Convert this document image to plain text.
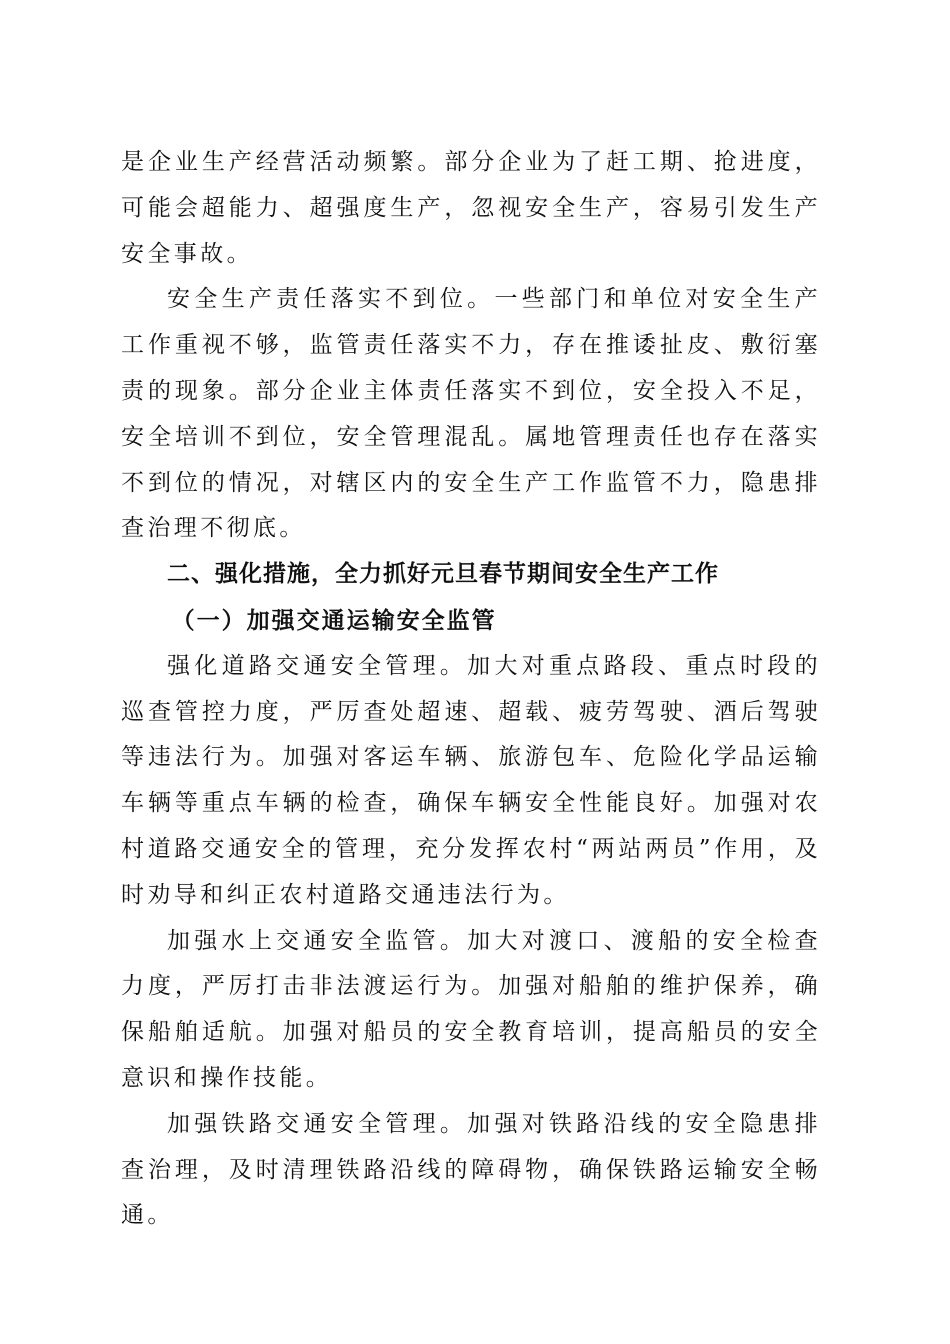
是企业生产经营活动频繁。部分企业为了赶工期、抢进度，可能会超能力、超强度生产，忽视安全生产，容易引发生产安全事故。

安全生产责任落实不到位。一些部门和单位对安全生产工作重视不够，监管责任落实不力，存在推诿扯皮、敷衍塞责的现象。部分企业主体责任落实不到位，安全投入不足，安全培训不到位，安全管理混乱。属地管理责任也存在落实不到位的情况，对辖区内的安全生产工作监管不力，隐患排查治理不彻底。

二、强化措施，全力抓好元旦春节期间安全生产工作
（一）加强交通运输安全监管

强化道路交通安全管理。加大对重点路段、重点时段的巡查管控力度，严厉查处超速、超载、疲劳驾驶、酒后驾驶等违法行为。加强对客运车辆、旅游包车、危险化学品运输车辆等重点车辆的检查，确保车辆安全性能良好。加强对农村道路交通安全的管理，充分发挥农村“两站两员”作用，及时劝导和纠正农村道路交通违法行为。

加强水上交通安全监管。加大对渡口、渡船的安全检查力度，严厉打击非法渡运行为。加强对船舶的维护保养，确保船舶适航。加强对船员的安全教育培训，提高船员的安全意识和操作技能。

加强铁路交通安全管理。加强对铁路沿线的安全隐患排查治理，及时清理铁路沿线的障碍物，确保铁路运输安全畅通。
